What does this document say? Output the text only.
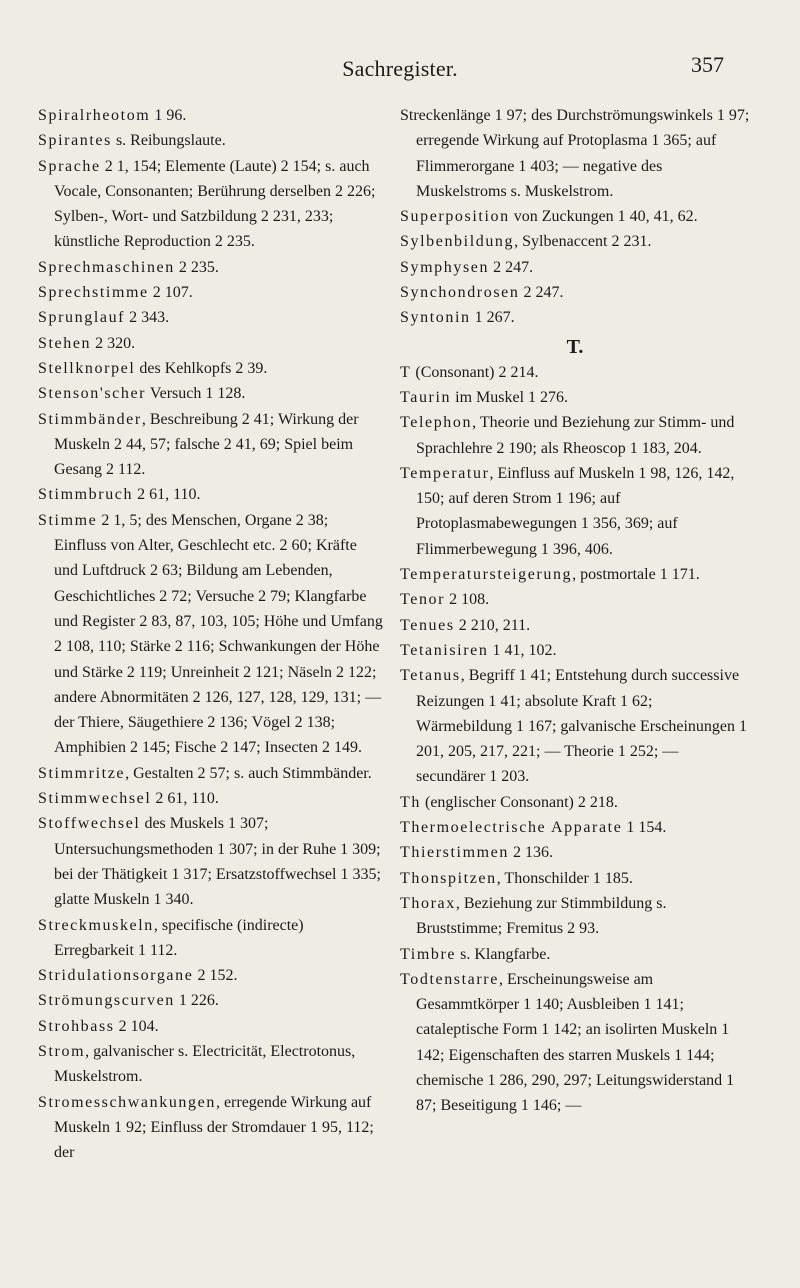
Sachregister.	357

Spiralrheotom 1 96.

Spirantes s. Reibungslaute.

Sprache 2 1, 154; Elemente (Laute) 2 154; s. auch Vocale, Consonanten; Berührung derselben 2 226; Sylben-, Wort- und Satzbildung 2 231, 233; künstliche Reproduction 2 235.

Sprechmaschinen 2 235.

Sprechstimme 2 107.

Sprunglauf 2 343.

Stehen 2 320.

Stellknorpel des Kehlkopfs 2 39.

Stenson'scher Versuch 1 128.

Stimmbänder, Beschreibung 2 41; Wirkung der Muskeln 2 44, 57; falsche 2 41, 69; Spiel beim Gesang 2 112.

Stimmbruch 2 61, 110.

Stimme 2 1, 5; des Menschen, Organe 2 38; Einfluss von Alter, Geschlecht etc. 2 60; Kräfte und Luftdruck 2 63; Bildung am Lebenden, Geschichtliches 2 72; Versuche 2 79; Klangfarbe und Register 2 83, 87, 103, 105; Höhe und Umfang 2 108, 110; Stärke 2 116; Schwankungen der Höhe und Stärke 2 119; Unreinheit 2 121; Näseln 2 122; andere Abnormitäten 2 126, 127, 128, 129, 131; — der Thiere, Säugethiere 2 136; Vögel 2 138; Amphibien 2 145; Fische 2 147; Insecten 2 149.

Stimmritze, Gestalten 2 57; s. auch Stimmbänder.

Stimmwechsel 2 61, 110.

Stoffwechsel des Muskels 1 307; Untersuchungsmethoden 1 307; in der Ruhe 1 309; bei der Thätigkeit 1 317; Ersatzstoffwechsel 1 335; glatte Muskeln 1 340.

Streckmuskeln, specifische (indirecte) Erregbarkeit 1 112.

Stridulationsorgane 2 152.

Strömungscurven 1 226.

Strohbass 2 104.

Strom, galvanischer s. Electricität, Electrotonus, Muskelstrom.

Stromesschwankungen, erregende Wirkung auf Muskeln 1 92; Einfluss der Stromdauer 1 95, 112; der

Streckenlänge 1 97; des Durchströmungswinkels 1 97; erregende Wirkung auf Protoplasma 1 365; auf Flimmerorgane 1 403; — negative des Muskelstroms s. Muskelstrom.

Superposition von Zuckungen 1 40, 41, 62.

Sylbenbildung, Sylbenaccent 2 231.

Symphysen 2 247.

Synchondrosen 2 247.

Syntonin 1 267.

T.

T (Consonant) 2 214.

Taurin im Muskel 1 276.

Telephon, Theorie und Beziehung zur Stimm- und Sprachlehre 2 190; als Rheoscop 1 183, 204.

Temperatur, Einfluss auf Muskeln 1 98, 126, 142, 150; auf deren Strom 1 196; auf Protoplasmabewegungen 1 356, 369; auf Flimmerbewegung 1 396, 406.

Temperatursteigerung, postmortale 1 171.

Tenor 2 108.

Tenues 2 210, 211.

Tetanisiren 1 41, 102.

Tetanus, Begriff 1 41; Entstehung durch successive Reizungen 1 41; absolute Kraft 1 62; Wärmebildung 1 167; galvanische Erscheinungen 1 201, 205, 217, 221; — Theorie 1 252; — secundärer 1 203.

Th (englischer Consonant) 2 218.

Thermoelectrische Apparate 1 154.

Thierstimmen 2 136.

Thonspitzen, Thonschilder 1 185.

Thorax, Beziehung zur Stimmbildung s. Bruststimme; Fremitus 2 93.

Timbre s. Klangfarbe.

Todtenstarre, Erscheinungsweise am Gesammtkörper 1 140; Ausbleiben 1 141; cataleptische Form 1 142; an isolirten Muskeln 1 142; Eigenschaften des starren Muskels 1 144; chemische 1 286, 290, 297; Leitungswiderstand 1 87; Beseitigung 1 146; —
